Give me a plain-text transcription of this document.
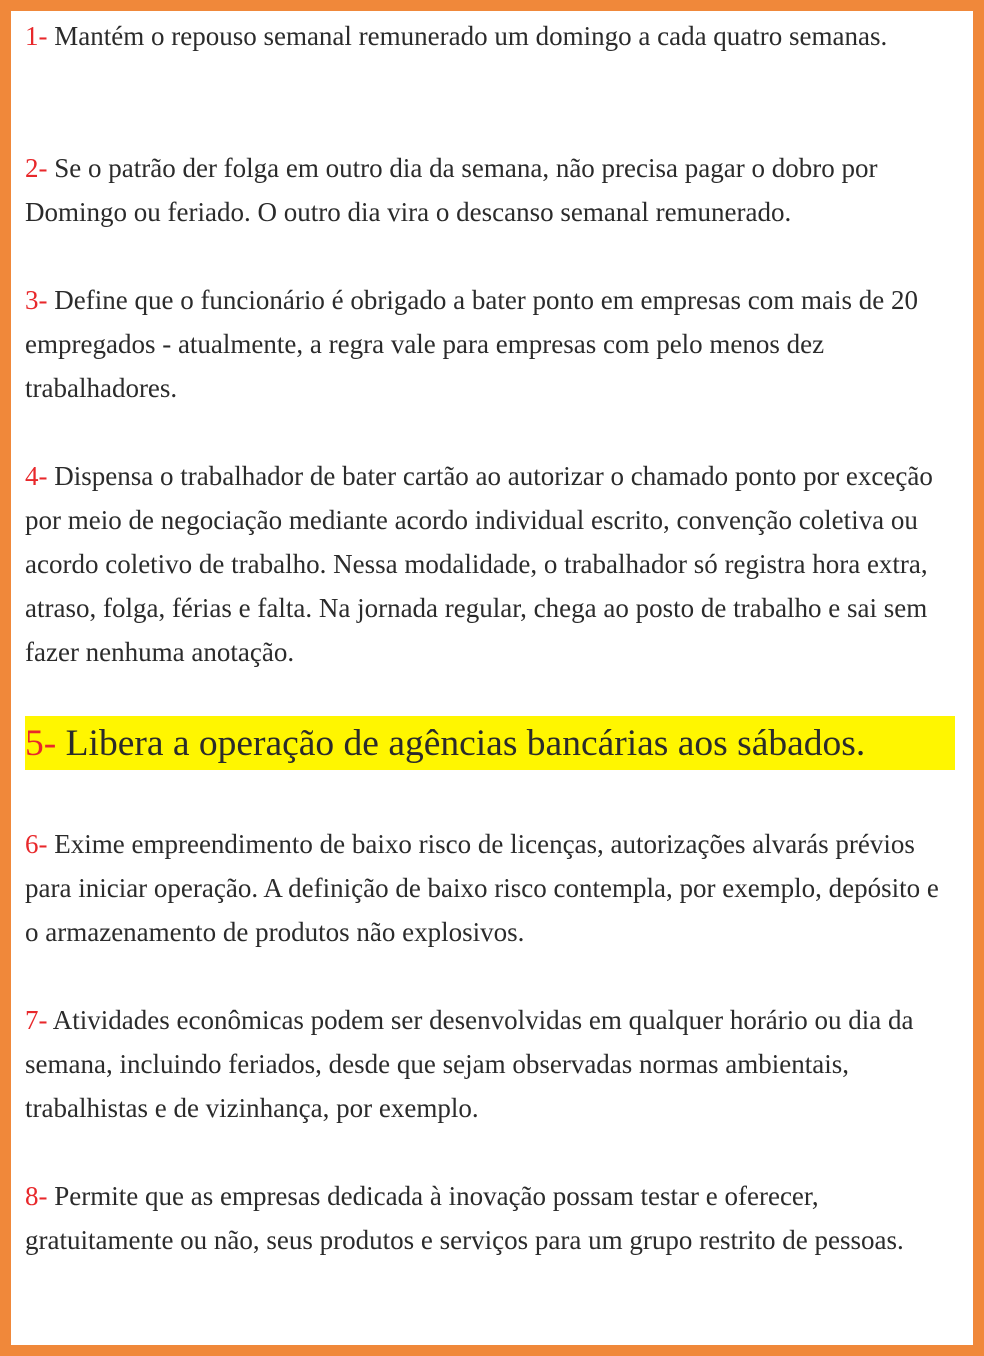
1- Mantém o repouso semanal remunerado um domingo a cada quatro semanas.

2- Se o patrão der folga em outro dia da semana, não precisa pagar o dobro por Domingo ou feriado. O outro dia vira o descanso semanal remunerado.

3- Define que o funcionário é obrigado a bater ponto em empresas com mais de 20 empregados - atualmente, a regra vale para empresas com pelo menos dez trabalhadores.

4- Dispensa o trabalhador de bater cartão ao autorizar o chamado ponto por exceção por meio de negociação mediante acordo individual escrito, convenção coletiva ou acordo coletivo de trabalho. Nessa modalidade, o trabalhador só registra hora extra, atraso, folga, férias e falta. Na jornada regular, chega ao posto de trabalho e sai sem fazer nenhuma anotação.

5- Libera a operação de agências bancárias aos sábados.

6- Exime empreendimento de baixo risco de licenças, autorizações alvarás prévios para iniciar operação. A definição de baixo risco contempla, por exemplo, depósito e o armazenamento de produtos não explosivos.

7- Atividades econômicas podem ser desenvolvidas em qualquer horário ou dia da semana, incluindo feriados, desde que sejam observadas normas ambientais, trabalhistas e de vizinhança, por exemplo.

8- Permite que as empresas dedicada à inovação possam testar e oferecer, gratuitamente ou não, seus produtos e serviços para um grupo restrito de pessoas.
